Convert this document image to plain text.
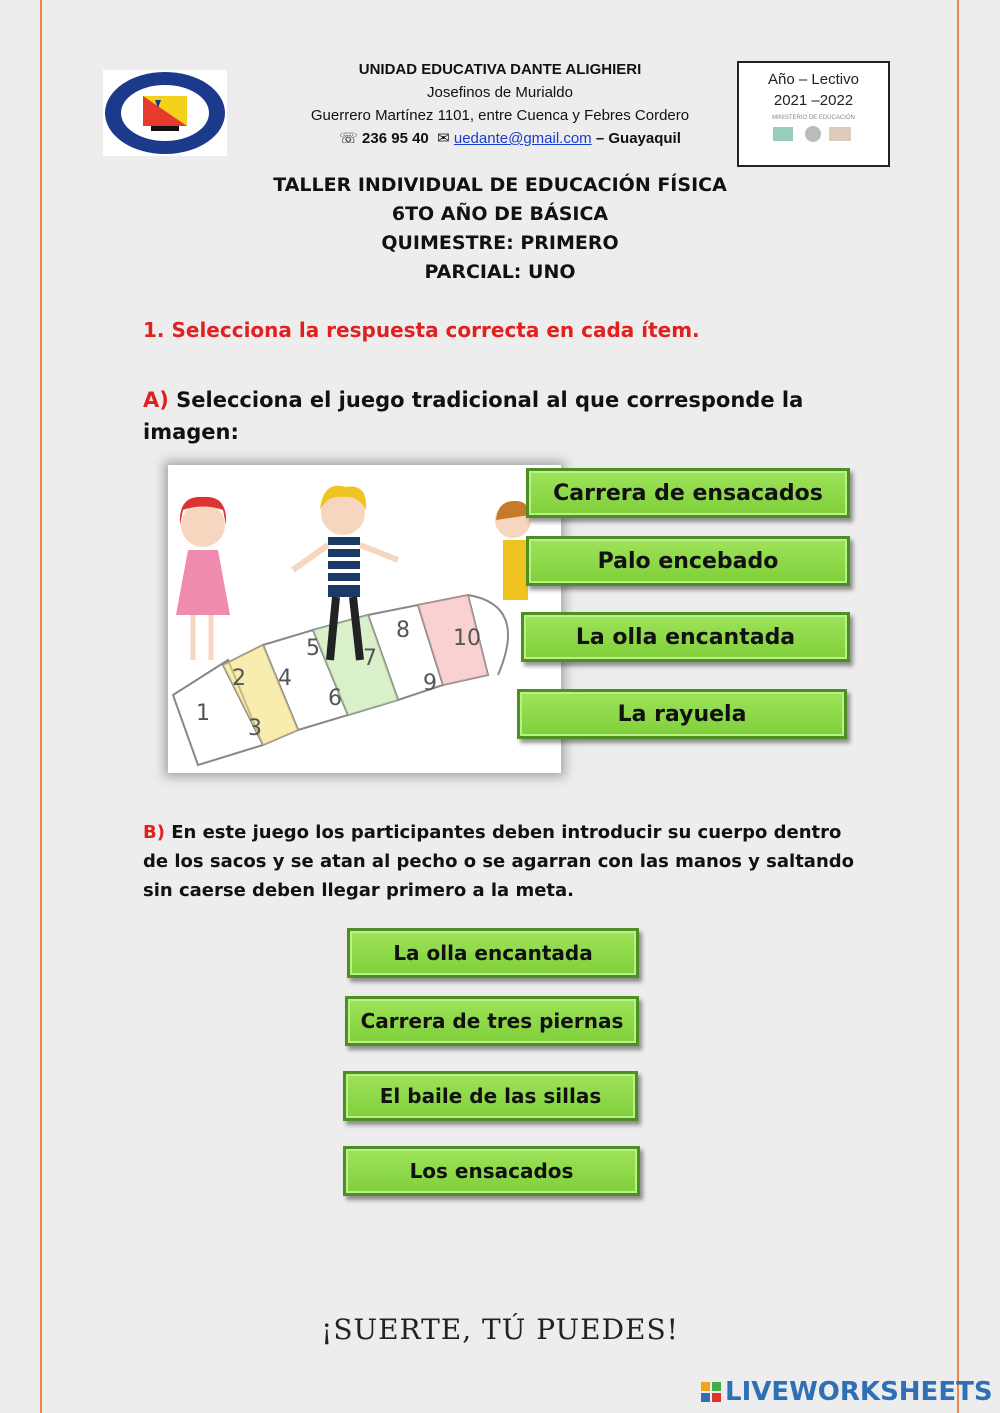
UNIDAD EDUCATIVA DANTE ALIGHIERI
Josefinos de Murialdo
Guerrero Martínez 1101, entre Cuenca y Febres Cordero
☏ 236 95 40 ✉ uedante@gmail.com – Guayaquil
Año – Lectivo
2021 –2022
MINISTERIO DE EDUCACIÓN
TALLER INDIVIDUAL DE EDUCACIÓN FÍSICA
6TO AÑO DE BÁSICA
QUIMESTRE: PRIMERO
PARCIAL: UNO
1. Selecciona la respuesta correcta en cada ítem.
A) Selecciona el juego tradicional al que corresponde la imagen:
1
2
3
4
5
6
7
8
9
10
Carrera de ensacados
Palo encebado
La olla encantada
La rayuela
B) En este juego los participantes deben introducir su cuerpo dentro de los sacos y se atan al pecho o se agarran con las manos y saltando sin caerse deben llegar primero a la meta.
La olla encantada
Carrera de tres piernas
El baile de las sillas
Los ensacados
¡SUERTE, TÚ PUEDES!
LIVEWORKSHEETS
